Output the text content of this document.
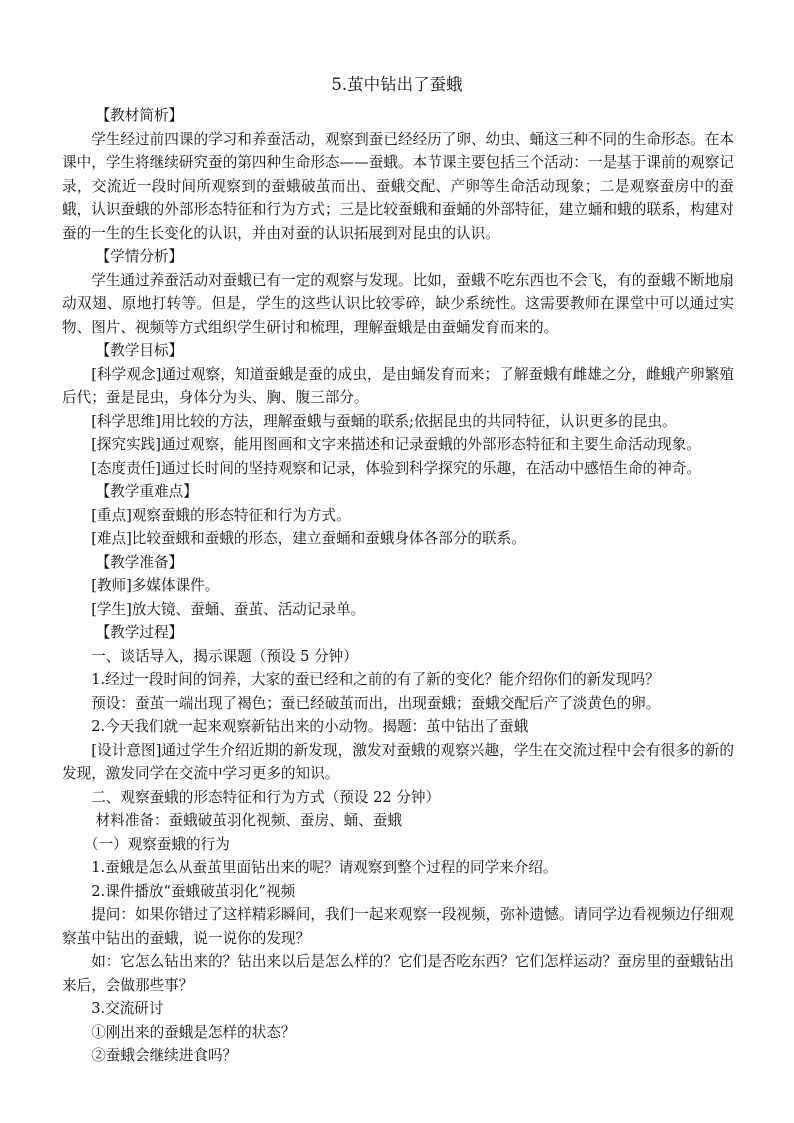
5.茧中钻出了蚕蛾

【教材简析】

学生经过前四课的学习和养蚕活动，观察到蚕已经经历了卵、幼虫、蛹这三种不同的生命形态。在本课中，学生将继续研究蚕的第四种生命形态——蚕蛾。本节课主要包括三个活动：一是基于课前的观察记录，交流近一段时间所观察到的蚕蛾破茧而出、蚕蛾交配、产卵等生命活动现象；二是观察蚕房中的蚕蛾，认识蚕蛾的外部形态特征和行为方式；三是比较蚕蛾和蚕蛹的外部特征，建立蛹和蛾的联系，构建对蚕的一生的生长变化的认识，并由对蚕的认识拓展到对昆虫的认识。

【学情分析】

学生通过养蚕活动对蚕蛾已有一定的观察与发现。比如，蚕蛾不吃东西也不会飞，有的蚕蛾不断地扇动双翅、原地打转等。但是，学生的这些认识比较零碎，缺少系统性。这需要教师在课堂中可以通过实物、图片、视频等方式组织学生研讨和梳理，理解蚕蛾是由蚕蛹发育而来的。

【教学目标】

[科学观念]通过观察，知道蚕蛾是蚕的成虫，是由蛹发育而来；了解蚕蛾有雌雄之分，雌蛾产卵繁殖后代；蚕是昆虫，身体分为头、胸、腹三部分。

[科学思维]用比较的方法，理解蚕蛾与蚕蛹的联系;依据昆虫的共同特征，认识更多的昆虫。

[探究实践]通过观察，能用图画和文字来描述和记录蚕蛾的外部形态特征和主要生命活动现象。

[态度责任]通过长时间的坚持观察和记录，体验到科学探究的乐趣，在活动中感悟生命的神奇。

【教学重难点】

[重点]观察蚕蛾的形态特征和行为方式。

[难点]比较蚕蛾和蚕蛾的形态，建立蚕蛹和蚕蛾身体各部分的联系。

【教学准备】

[教师]多媒体课件。

[学生]放大镜、蚕蛹、蚕茧、活动记录单。

【教学过程】

一、谈话导入，揭示课题（预设 5 分钟）

1.经过一段时间的饲养，大家的蚕已经和之前的有了新的变化？能介绍你们的新发现吗？

预设：蚕茧一端出现了褐色；蚕已经破茧而出，出现蚕蛾；蚕蛾交配后产了淡黄色的卵。

2.今天我们就一起来观察新钻出来的小动物。揭题：茧中钻出了蚕蛾

[设计意图]通过学生介绍近期的新发现，激发对蚕蛾的观察兴趣，学生在交流过程中会有很多的新的发现，激发同学在交流中学习更多的知识。

二、观察蚕蛾的形态特征和行为方式（预设 22 分钟）

材料准备：蚕蛾破茧羽化视频、蚕房、蛹、蚕蛾

（一）观察蚕蛾的行为

1.蚕蛾是怎么从蚕茧里面钻出来的呢？请观察到整个过程的同学来介绍。

2.课件播放“蚕蛾破茧羽化”视频

提问：如果你错过了这样精彩瞬间，我们一起来观察一段视频，弥补遗憾。请同学边看视频边仔细观察茧中钻出的蚕蛾，说一说你的发现？

如：它怎么钻出来的？钻出来以后是怎么样的？它们是否吃东西？它们怎样运动？蚕房里的蚕蛾钻出来后，会做那些事？

3.交流研讨

①刚出来的蚕蛾是怎样的状态？

②蚕蛾会继续进食吗？
